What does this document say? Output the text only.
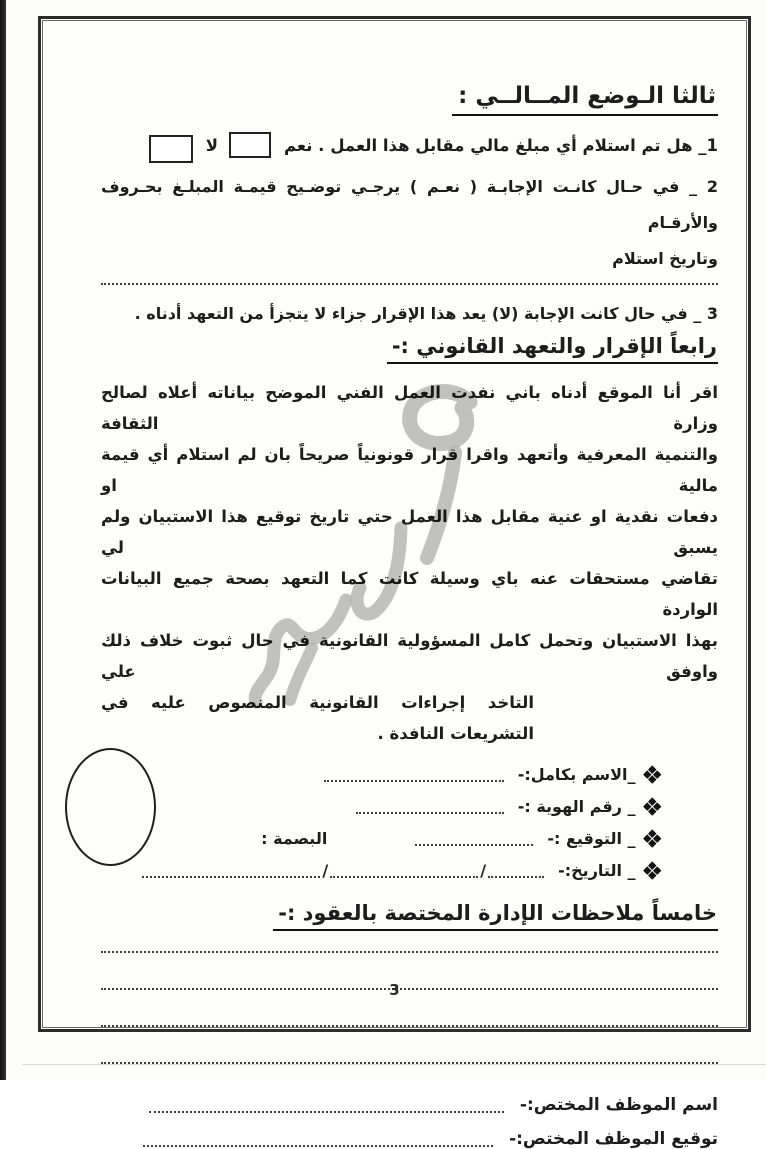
ثالثا الـوضع المــالــي :
1_ هل تم استلام أي مبلغ مالي مقابل هذا العمل . نعم
لا

2 _ في حـال كانـت الإجابـة ( نعـم ) يرجـي توضـيح قيمـة المبلـغ بحـروف والأرقـام

وتاريخ استلام

3 _ في حال كانت الإجابة (لا) يعد هذا الإقرار جزاء لا يتجزأ من التعهد أدناه .

رابعاً الإقرار والتعهد القانوني :-
اقر أنا الموقع أدناه باني نفدت العمل الفني الموضح بياناته أعلاه لصالح وزارة الثقافة
والتنمية المعرفية وأتعهد واقرا قرار قونونياً صريحاً بان لم استلام أي قيمة مالية او
دفعات نقدية او عنية مقابل هذا العمل حتي تاريخ توقيع هذا الاستبيان ولم يسبق لي
تقاضي مستحقات عنه باي وسيلة كانت كما التعهد بصحة جميع البيانات الواردة
بهذا الاستبيان وتحمل كامل المسؤولية القانونية في حال ثبوت خلاف ذلك واوفق علي
التاخد إجراءات القانونية المنصوص عليه في التشريعات النافدة .
_الاسم بكامل:-
_ رقم الهوية :-
_ التوقيع :-
البصمة :
_ التاريخ:-
/
/
خامساً ملاحظات الإدارة المختصة بالعقود :-
اسم الموظف المختص:-
توقيع الموظف المختص:-
3
